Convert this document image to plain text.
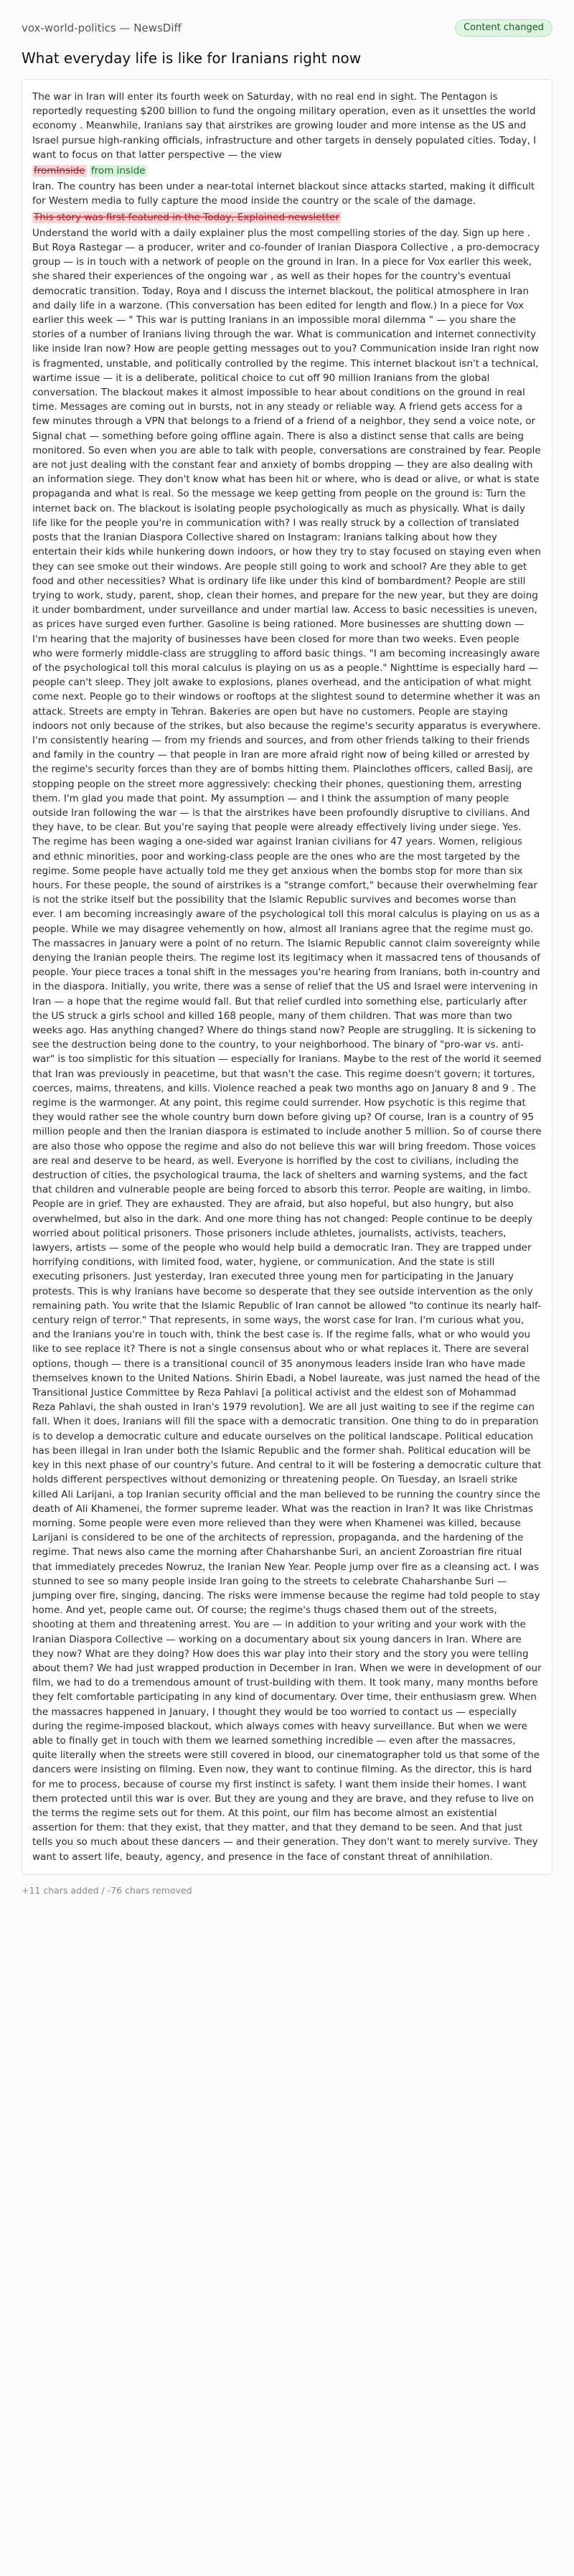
vox-world-politics — NewsDiff	Content changed
What everyday life is like for Iranians right now

The war in Iran will enter its fourth week on Saturday, with no real end in sight. The Pentagon is reportedly requesting $200 billion to fund the ongoing military operation, even as it unsettles the world economy . Meanwhile, Iranians say that airstrikes are growing louder and more intense as the US and Israel pursue high-ranking officials, infrastructure and other targets in densely populated cities. Today, I want to focus on that latter perspective — the view

fromInside from inside

Iran. The country has been under a near-total internet blackout since attacks started, making it difficult for Western media to fully capture the mood inside the country or the scale of the damage.

This story was first featured in the Today, Explained newsletter

Understand the world with a daily explainer plus the most compelling stories of the day. Sign up here . But Roya Rastegar — a producer, writer and co-founder of Iranian Diaspora Collective , a pro-democracy group — is in touch with a network of people on the ground in Iran. In a piece for Vox earlier this week, she shared their experiences of the ongoing war , as well as their hopes for the country's eventual democratic transition. Today, Roya and I discuss the internet blackout, the political atmosphere in Iran and daily life in a warzone. (This conversation has been edited for length and flow.) In a piece for Vox earlier this week — " This war is putting Iranians in an impossible moral dilemma " — you share the stories of a number of Iranians living through the war. What is communication and internet connectivity like inside Iran now? How are people getting messages out to you? Communication inside Iran right now is fragmented, unstable, and politically controlled by the regime. This internet blackout isn't a technical, wartime issue — it is a deliberate, political choice to cut off 90 million Iranians from the global conversation. The blackout makes it almost impossible to hear about conditions on the ground in real time. Messages are coming out in bursts, not in any steady or reliable way. A friend gets access for a few minutes through a VPN that belongs to a friend of a friend of a neighbor, they send a voice note, or Signal chat — something before going offline again. There is also a distinct sense that calls are being monitored. So even when you are able to talk with people, conversations are constrained by fear. People are not just dealing with the constant fear and anxiety of bombs dropping — they are also dealing with an information siege. They don't know what has been hit or where, who is dead or alive, or what is state propaganda and what is real. So the message we keep getting from people on the ground is: Turn the internet back on. The blackout is isolating people psychologically as much as physically. What is daily life like for the people you're in communication with? I was really struck by a collection of translated posts that the Iranian Diaspora Collective shared on Instagram: Iranians talking about how they entertain their kids while hunkering down indoors, or how they try to stay focused on staying even when they can see smoke out their windows. Are people still going to work and school? Are they able to get food and other necessities? What is ordinary life like under this kind of bombardment? People are still trying to work, study, parent, shop, clean their homes, and prepare for the new year, but they are doing it under bombardment, under surveillance and under martial law. Access to basic necessities is uneven, as prices have surged even further. Gasoline is being rationed. More businesses are shutting down — I'm hearing that the majority of businesses have been closed for more than two weeks. Even people who were formerly middle-class are struggling to afford basic things. "I am becoming increasingly aware of the psychological toll this moral calculus is playing on us as a people." Nighttime is especially hard — people can't sleep. They jolt awake to explosions, planes overhead, and the anticipation of what might come next. People go to their windows or rooftops at the slightest sound to determine whether it was an attack. Streets are empty in Tehran. Bakeries are open but have no customers. People are staying indoors not only because of the strikes, but also because the regime's security apparatus is everywhere. I'm consistently hearing — from my friends and sources, and from other friends talking to their friends and family in the country — that people in Iran are more afraid right now of being killed or arrested by the regime's security forces than they are of bombs hitting them. Plainclothes officers, called Basij, are stopping people on the street more aggressively: checking their phones, questioning them, arresting them. I'm glad you made that point. My assumption — and I think the assumption of many people outside Iran following the war — is that the airstrikes have been profoundly disruptive to civilians. And they have, to be clear. But you're saying that people were already effectively living under siege. Yes. The regime has been waging a one-sided war against Iranian civilians for 47 years. Women, religious and ethnic minorities, poor and working-class people are the ones who are the most targeted by the regime. Some people have actually told me they get anxious when the bombs stop for more than six hours. For these people, the sound of airstrikes is a "strange comfort," because their overwhelming fear is not the strike itself but the possibility that the Islamic Republic survives and becomes worse than ever. I am becoming increasingly aware of the psychological toll this moral calculus is playing on us as a people. While we may disagree vehemently on how, almost all Iranians agree that the regime must go. The massacres in January were a point of no return. The Islamic Republic cannot claim sovereignty while denying the Iranian people theirs. The regime lost its legitimacy when it massacred tens of thousands of people. Your piece traces a tonal shift in the messages you're hearing from Iranians, both in-country and in the diaspora. Initially, you write, there was a sense of relief that the US and Israel were intervening in Iran — a hope that the regime would fall. But that relief curdled into something else, particularly after the US struck a girls school and killed 168 people, many of them children. That was more than two weeks ago. Has anything changed? Where do things stand now? People are struggling. It is sickening to see the destruction being done to the country, to your neighborhood. The binary of "pro-war vs. anti-war" is too simplistic for this situation — especially for Iranians. Maybe to the rest of the world it seemed that Iran was previously in peacetime, but that wasn't the case. This regime doesn't govern; it tortures, coerces, maims, threatens, and kills. Violence reached a peak two months ago on January 8 and 9 . The regime is the warmonger. At any point, this regime could surrender. How psychotic is this regime that they would rather see the whole country burn down before giving up? Of course, Iran is a country of 95 million people and then the Iranian diaspora is estimated to include another 5 million. So of course there are also those who oppose the regime and also do not believe this war will bring freedom. Those voices are real and deserve to be heard, as well. Everyone is horrified by the cost to civilians, including the destruction of cities, the psychological trauma, the lack of shelters and warning systems, and the fact that children and vulnerable people are being forced to absorb this terror. People are waiting, in limbo. People are in grief. They are exhausted. They are afraid, but also hopeful, but also hungry, but also overwhelmed, but also in the dark. And one more thing has not changed: People continue to be deeply worried about political prisoners. Those prisoners include athletes, journalists, activists, teachers, lawyers, artists — some of the people who would help build a democratic Iran. They are trapped under horrifying conditions, with limited food, water, hygiene, or communication. And the state is still executing prisoners. Just yesterday, Iran executed three young men for participating in the January protests. This is why Iranians have become so desperate that they see outside intervention as the only remaining path. You write that the Islamic Republic of Iran cannot be allowed "to continue its nearly half-century reign of terror." That represents, in some ways, the worst case for Iran. I'm curious what you, and the Iranians you're in touch with, think the best case is. If the regime falls, what or who would you like to see replace it? There is not a single consensus about who or what replaces it. There are several options, though — there is a transitional council of 35 anonymous leaders inside Iran who have made themselves known to the United Nations. Shirin Ebadi, a Nobel laureate, was just named the head of the Transitional Justice Committee by Reza Pahlavi [a political activist and the eldest son of Mohammad Reza Pahlavi, the shah ousted in Iran's 1979 revolution]. We are all just waiting to see if the regime can fall. When it does, Iranians will fill the space with a democratic transition. One thing to do in preparation is to develop a democratic culture and educate ourselves on the political landscape. Political education has been illegal in Iran under both the Islamic Republic and the former shah. Political education will be key in this next phase of our country's future. And central to it will be fostering a democratic culture that holds different perspectives without demonizing or threatening people. On Tuesday, an Israeli strike killed Ali Larijani, a top Iranian security official and the man believed to be running the country since the death of Ali Khamenei, the former supreme leader. What was the reaction in Iran? It was like Christmas morning. Some people were even more relieved than they were when Khamenei was killed, because Larijani is considered to be one of the architects of repression, propaganda, and the hardening of the regime. That news also came the morning after Chaharshanbe Suri, an ancient Zoroastrian fire ritual that immediately precedes Nowruz, the Iranian New Year. People jump over fire as a cleansing act. I was stunned to see so many people inside Iran going to the streets to celebrate Chaharshanbe Suri — jumping over fire, singing, dancing. The risks were immense because the regime had told people to stay home. And yet, people came out. Of course; the regime's thugs chased them out of the streets, shooting at them and threatening arrest. You are — in addition to your writing and your work with the Iranian Diaspora Collective — working on a documentary about six young dancers in Iran. Where are they now? What are they doing? How does this war play into their story and the story you were telling about them? We had just wrapped production in December in Iran. When we were in development of our film, we had to do a tremendous amount of trust-building with them. It took many, many months before they felt comfortable participating in any kind of documentary. Over time, their enthusiasm grew. When the massacres happened in January, I thought they would be too worried to contact us — especially during the regime-imposed blackout, which always comes with heavy surveillance. But when we were able to finally get in touch with them we learned something incredible — even after the massacres, quite literally when the streets were still covered in blood, our cinematographer told us that some of the dancers were insisting on filming. Even now, they want to continue filming. As the director, this is hard for me to process, because of course my first instinct is safety. I want them inside their homes. I want them protected until this war is over. But they are young and they are brave, and they refuse to live on the terms the regime sets out for them. At this point, our film has become almost an existential assertion for them: that they exist, that they matter, and that they demand to be seen. And that just tells you so much about these dancers — and their generation. They don't want to merely survive. They want to assert life, beauty, agency, and presence in the face of constant threat of annihilation.

+11 chars added / -76 chars removed
